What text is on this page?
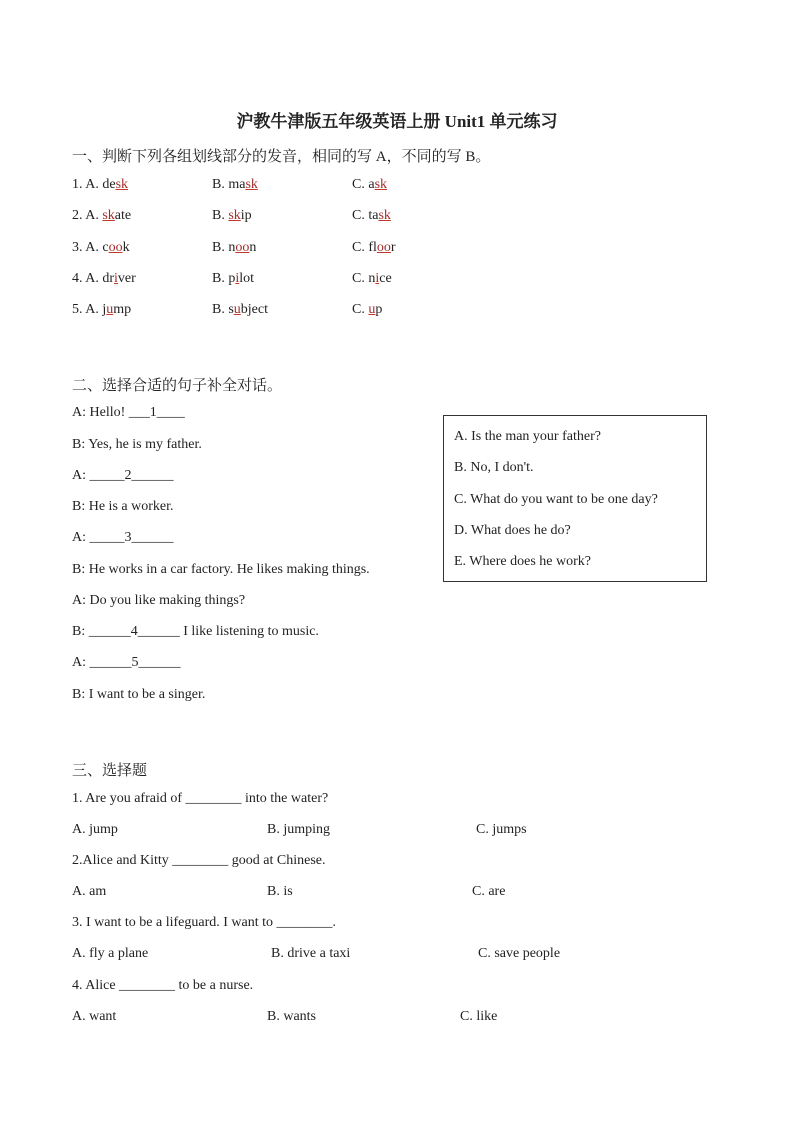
沪教牛津版五年级英语上册 Unit1 单元练习
一、判断下列各组划线部分的发音，相同的写 A，不同的写 B。
1. A. desk	B. mask	C. ask
2. A. skate	B. skip	C. task
3. A. cook	B. noon	C. floor
4. A. driver	B. pilot	C. nice
5. A. jump	B. subject	C. up
二、选择合适的句子补全对话。
A: Hello! ___1____
B: Yes, he is my father.
A: _____2______
B: He is a worker.
A: _____3______
B: He works in a car factory. He likes making things.
A: Do you like making things?
B: ______4______ I like listening to music.
A: ______5______
B: I want to be a singer.
A. Is the man your father?
B. No, I don't.
C. What do you want to be one day?
D. What does he do?
E. Where does he work?
三、选择题
1. Are you afraid of ________ into the water?
A. jump	B. jumping	C. jumps
2.Alice and Kitty ________ good at Chinese.
A. am	B. is	C. are
3. I want to be a lifeguard. I want to ________.
A. fly a plane	B. drive a taxi	C. save people
4. Alice ________ to be a nurse.
A. want	B. wants	C. like
